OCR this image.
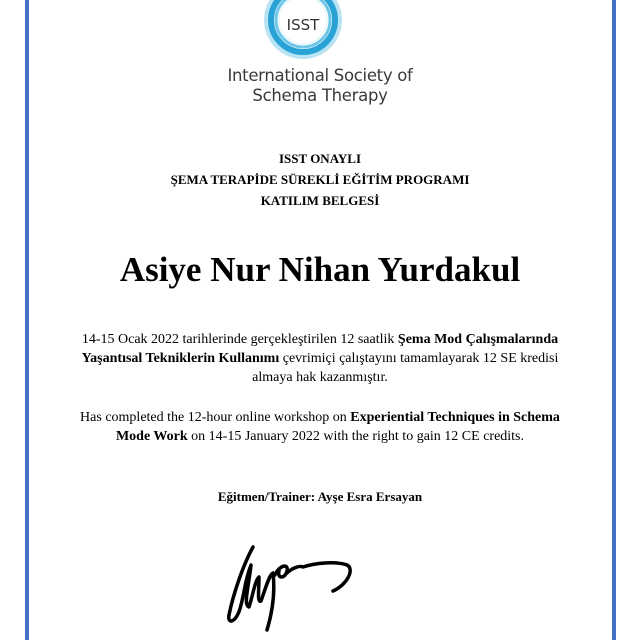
ISST
International Society of
Schema Therapy
ISST ONAYLI
ŞEMA TERAPİDE SÜREKLİ EĞİTİM PROGRAMI
KATILIM BELGESİ
Asiye Nur Nihan Yurdakul
14-15 Ocak 2022 tarihlerinde gerçekleştirilen 12 saatlik Şema Mod Çalışmalarında Yaşantısal Tekniklerin Kullanımı çevrimiçi çalıştayını tamamlayarak 12 SE kredisi almaya hak kazanmıştır.
Has completed the 12-hour online workshop on Experiential Techniques in Schema Mode Work on 14-15 January 2022 with the right to gain 12 CE credits.
Eğitmen/Trainer: Ayşe Esra Ersayan
